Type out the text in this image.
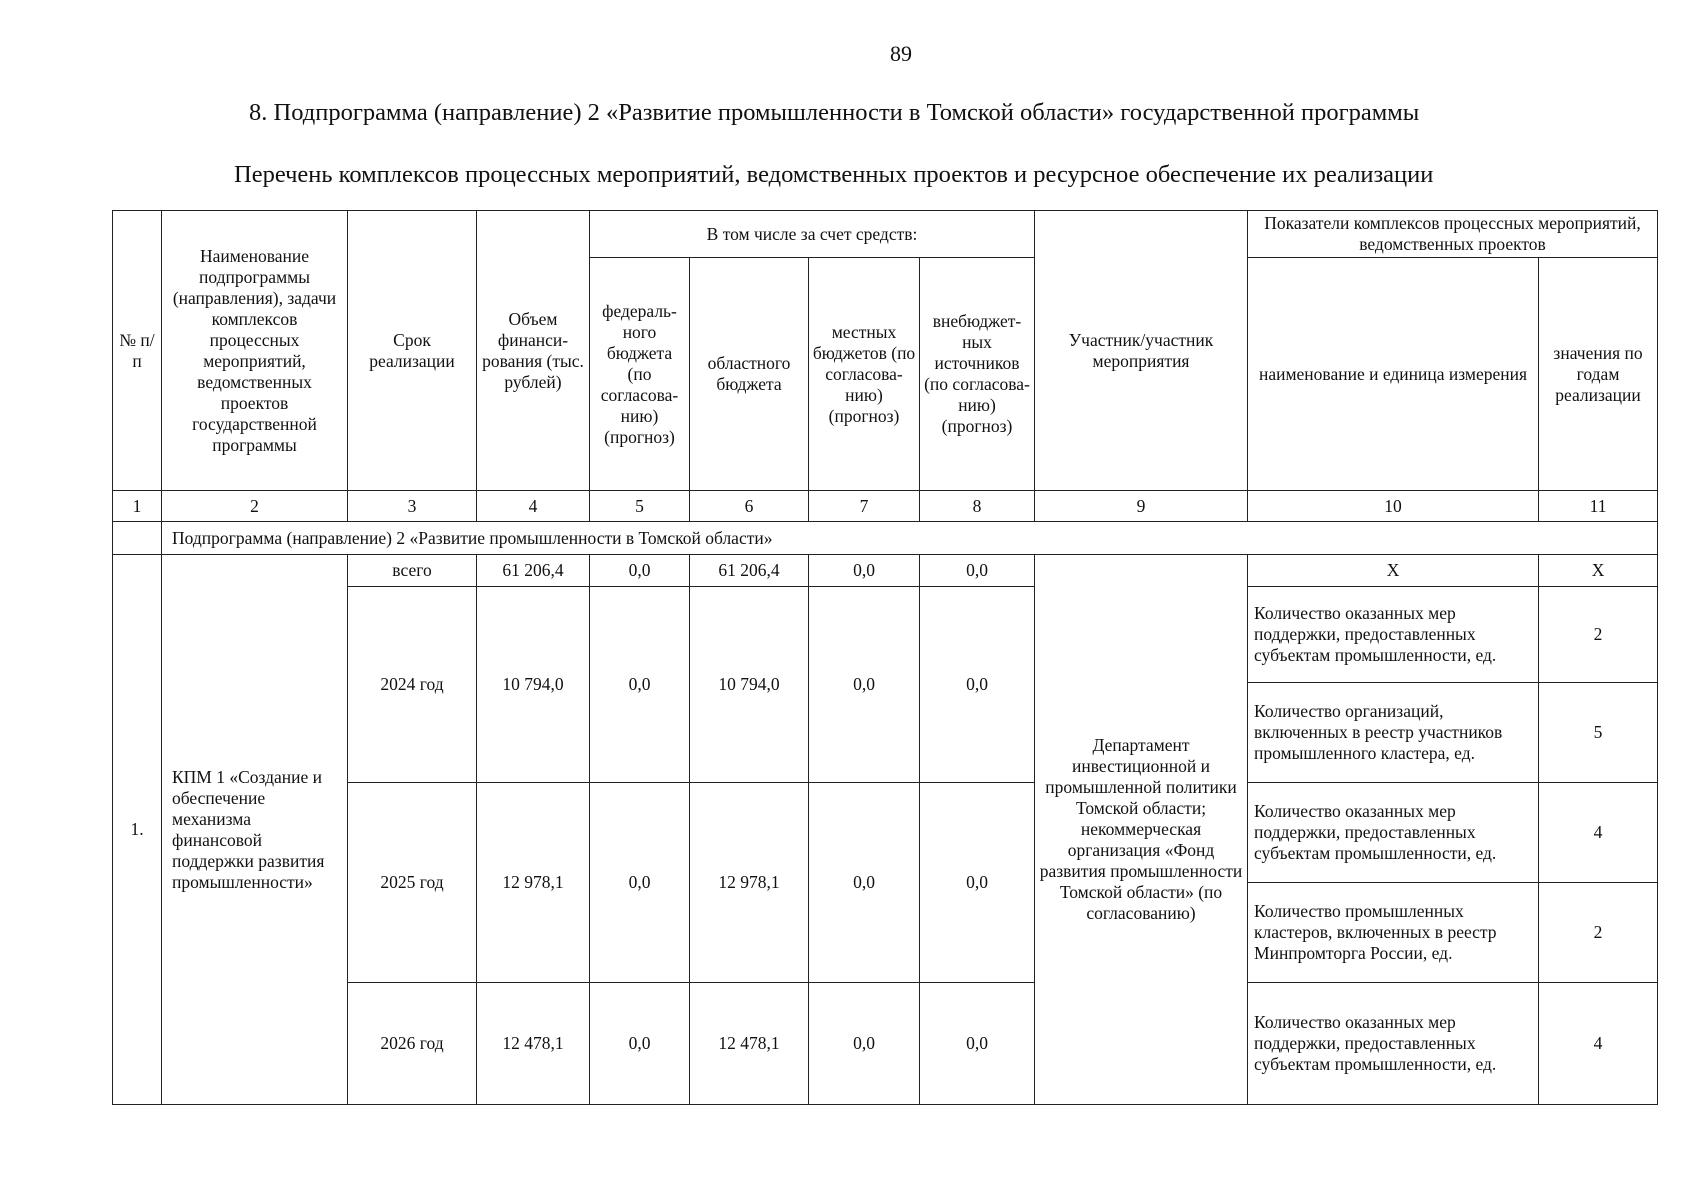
89
8. Подпрограмма (направление) 2 «Развитие промышленности в Томской области» государственной программы
Перечень комплексов процессных мероприятий, ведомственных проектов и ресурсное обеспечение их реализации
№ п/п	Наименование подпрограммы (направления), задачи комплексов процессных мероприятий, ведомственных проектов государственной программы	Срок реализации	Объем финанси-рования (тыс. рублей)	В том числе за счет средств:				Участник/участник мероприятия	Показатели комплексов процессных мероприятий, ведомственных проектов	
				федераль-ного бюджета (по согласова-нию) (прогноз)	областного бюджета	местных бюджетов (по согласова-нию) (прогноз)	внебюджет-ных источников (по согласова-нию) (прогноз)		наименование и единица измерения	значения по годам реализации
1	2	3	4	5	6	7	8	9	10	11
	Подпрограмма (направление) 2 «Развитие промышленности в Томской области»									
1.	КПМ 1 «Создание и обеспечение механизма финансовой поддержки развития промышленности»	всего	61 206,4	0,0	61 206,4	0,0	0,0	Департамент инвестиционной и промышленной политики Томской области; некоммерческая организация «Фонд развития промышленности Томской области» (по согласованию)	X	X
		2024 год	10 794,0	0,0	10 794,0	0,0	0,0		Количество оказанных мер поддержки, предоставленных субъектам промышленности, ед.	2
									Количество организаций, включенных в реестр участников промышленного кластера, ед.	5
		2025 год	12 978,1	0,0	12 978,1	0,0	0,0		Количество оказанных мер поддержки, предоставленных субъектам промышленности, ед.	4
									Количество промышленных кластеров, включенных в реестр Минпромторга России, ед.	2
		2026 год	12 478,1	0,0	12 478,1	0,0	0,0		Количество оказанных мер поддержки, предоставленных субъектам промышленности, ед.	4
